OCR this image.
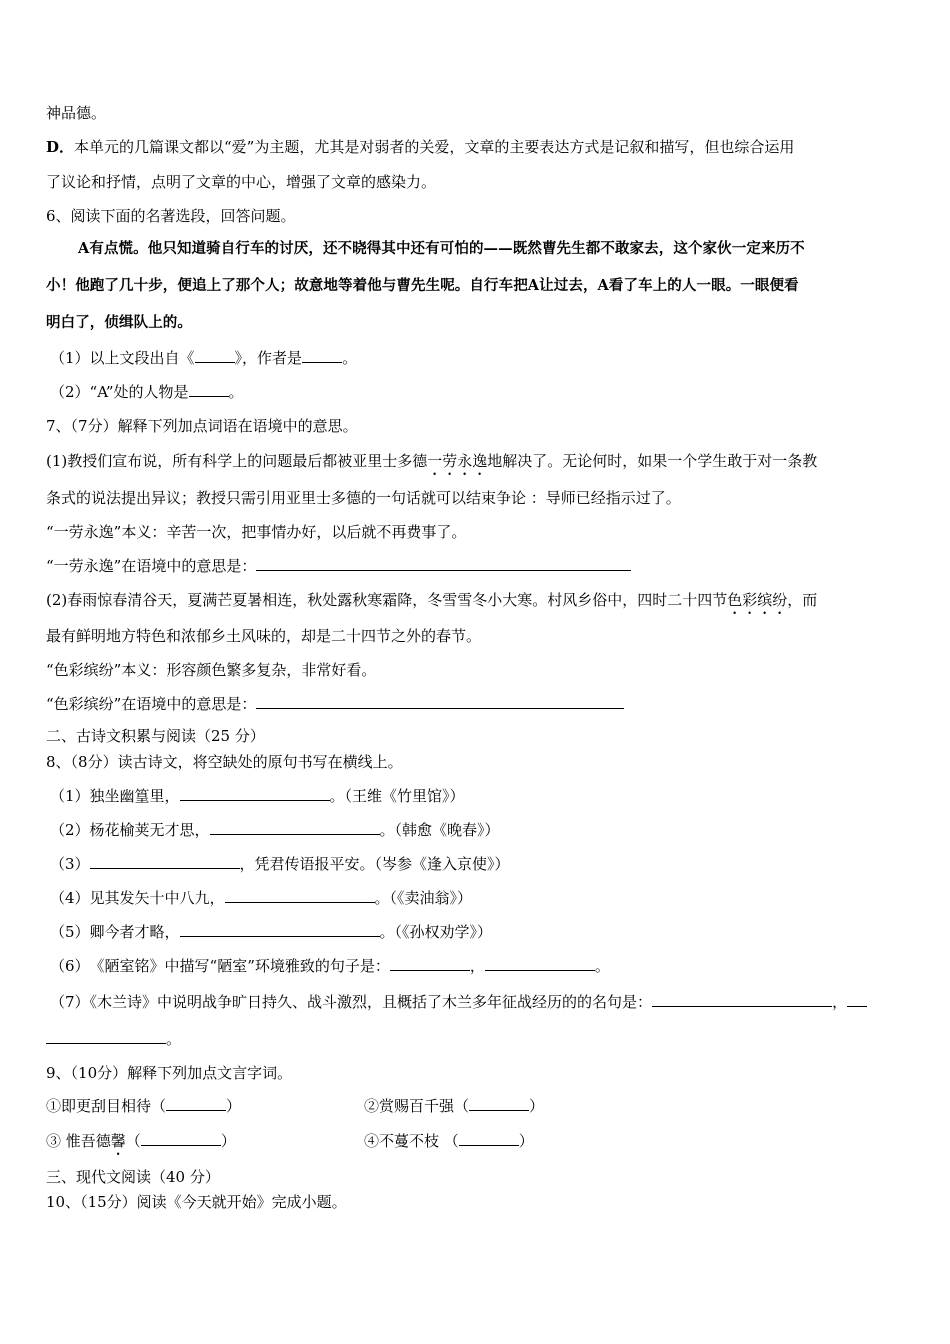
神品德。
D．本单元的几篇课文都以“爱”为主题，尤其是对弱者的关爱，文章的主要表达方式是记叙和描写，但也综合运用
了议论和抒情，点明了文章的中心，增强了文章的感染力。
6、阅读下面的名著选段，回答问题。
A有点慌。他只知道骑自行车的讨厌，还不晓得其中还有可怕的——既然曹先生都不敢家去，这个家伙一定来历不
小！他跑了几十步，便追上了那个人；故意地等着他与曹先生呢。自行车把A让过去，A看了车上的人一眼。一眼便看
明白了，侦缉队上的。
（1）以上文段出自《	》，作者是	。
（2）“A”处的人物是	。
7、（7分）解释下列加点词语在语境中的意思。
(1)教授们宣布说，所有科学上的问题最后都被亚里士多德一劳永逸地解决了。无论何时，如果一个学生敢于对一条教
条式的说法提出异议；教授只需引用亚里士多德的一句话就可以结束争论 ：导师已经指示过了。
“一劳永逸”本义：辛苦一次，把事情办好，以后就不再费事了。
“一劳永逸”在语境中的意思是：
(2)春雨惊春清谷天，夏满芒夏暑相连，秋处露秋寒霜降，冬雪雪冬小大寒。村风乡俗中，四时二十四节色彩缤纷，而
最有鲜明地方特色和浓郁乡土风味的，却是二十四节之外的春节。
“色彩缤纷”本义：形容颜色繁多复杂，非常好看。
“色彩缤纷”在语境中的意思是：
二、古诗文积累与阅读（25 分）
8、（8分）读古诗文，将空缺处的原句书写在横线上。
（1）独坐幽篁里，	。（王维《竹里馆》）
（2）杨花榆荚无才思，	。（韩愈《晚春》）
（3）	，凭君传语报平安。（岑参《逢入京使》）
（4）见其发矢十中八九，	。（《卖油翁》）
（5）卿今者才略，	。（《孙权劝学》）
（6）　《陋室铭》中描写“陋室”环境雅致的句子是：	，	。
（7）《木兰诗》中说明战争旷日持久、战斗激烈，且概括了木兰多年征战经历的的名句是：	，
。
9、（10分）解释下列加点文言字词。
①即更刮目相待（	）	②赏赐百千强（	）
③ 惟吾德馨（	）	④不蔓不枝 （	）
三、现代文阅读（40 分）
10、（15分）阅读《今天就开始》完成小题。
